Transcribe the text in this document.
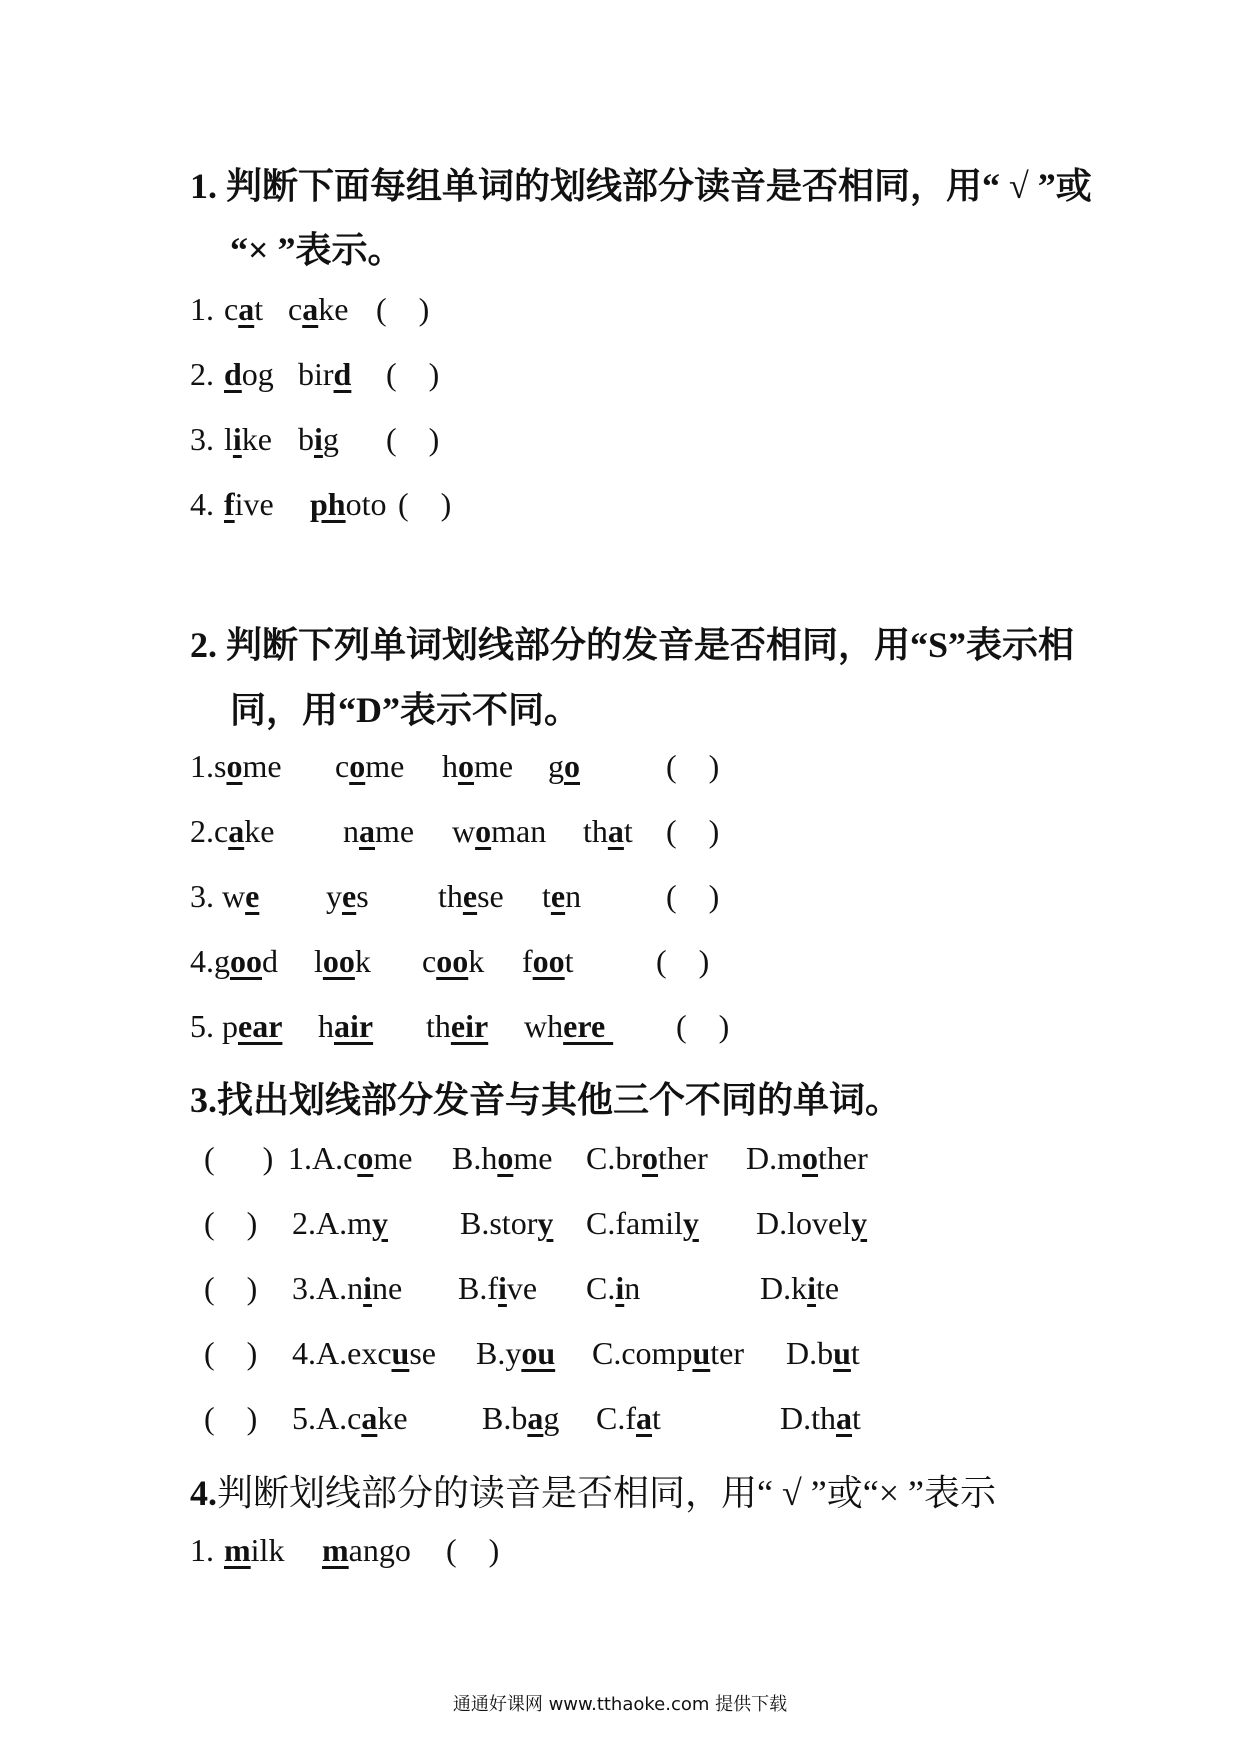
1. 判断下面每组单词的划线部分读音是否相同，用“ √ ”或
“× ”表示。
1. cat cake (    )
2. dog bird (    )
3. like big (    )
4. five photo (    )
2. 判断下列单词划线部分的发音是否相同，用“S”表示相
同，用“D”表示不同。
1. some come home go	(    )
2. cake name woman that (    )
3. we yes these ten	(    )
4. good look cook foot	(    )
5. pear hair their where (    )
3.找出划线部分发音与其他三个不同的单词。
(      ) 1. A.come B.home C.brother D.mother
(    ) 2. A.my B.story C.family D.lovely
(    ) 3. A.nine B.five C.in	D.kite
(    ) 4. A.excuse B.you C.computer D.but
(    ) 5. A.cake B.bag C.fat	D.that
4.判断划线部分的读音是否相同，用“ √ ”或“× ”表示
1. milk mango (    )
通通好课网 www.tthaoke.com 提供下载
